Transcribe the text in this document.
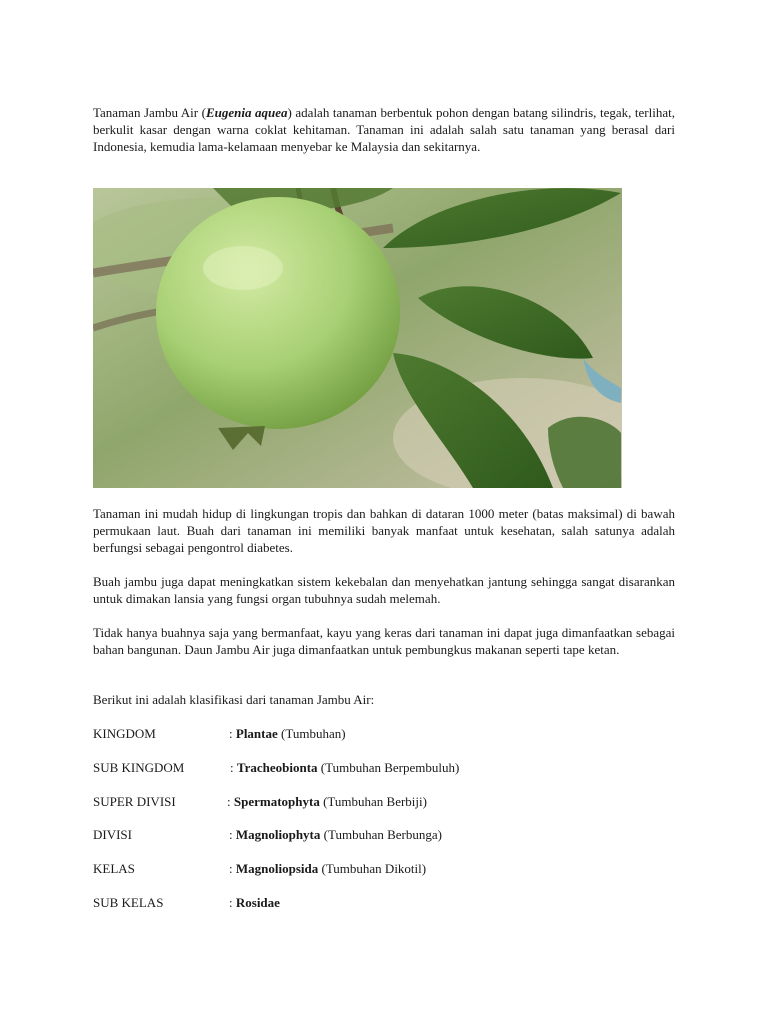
Tanaman Jambu Air (Eugenia aquea) adalah tanaman berbentuk pohon dengan batang silindris, tegak, terlihat, berkulit kasar dengan warna coklat kehitaman. Tanaman ini adalah salah satu tanaman yang berasal dari Indonesia, kemudia lama-kelamaan menyebar ke Malaysia dan sekitarnya.

Tanaman ini mudah hidup di lingkungan tropis dan bahkan di dataran 1000 meter (batas maksimal) di bawah permukaan laut. Buah dari tanaman ini memiliki banyak manfaat untuk kesehatan, salah satunya adalah berfungsi sebagai pengontrol diabetes.

Buah jambu juga dapat meningkatkan sistem kekebalan dan menyehatkan jantung sehingga sangat disarankan untuk dimakan lansia yang fungsi organ tubuhnya sudah melemah.

Tidak hanya buahnya saja yang bermanfaat, kayu yang keras dari tanaman ini dapat juga dimanfaatkan sebagai bahan bangunan. Daun Jambu Air juga dimanfaatkan untuk pembungkus makanan seperti tape ketan.

Berikut ini adalah klasifikasi dari tanaman Jambu Air:

KINGDOM	: Plantae (Tumbuhan)
SUB KINGDOM	: Tracheobionta (Tumbuhan Berpembuluh)
SUPER DIVISI	: Spermatophyta (Tumbuhan Berbiji)
DIVISI	: Magnoliophyta (Tumbuhan Berbunga)
KELAS	: Magnoliopsida (Tumbuhan Dikotil)
SUB KELAS	: Rosidae
